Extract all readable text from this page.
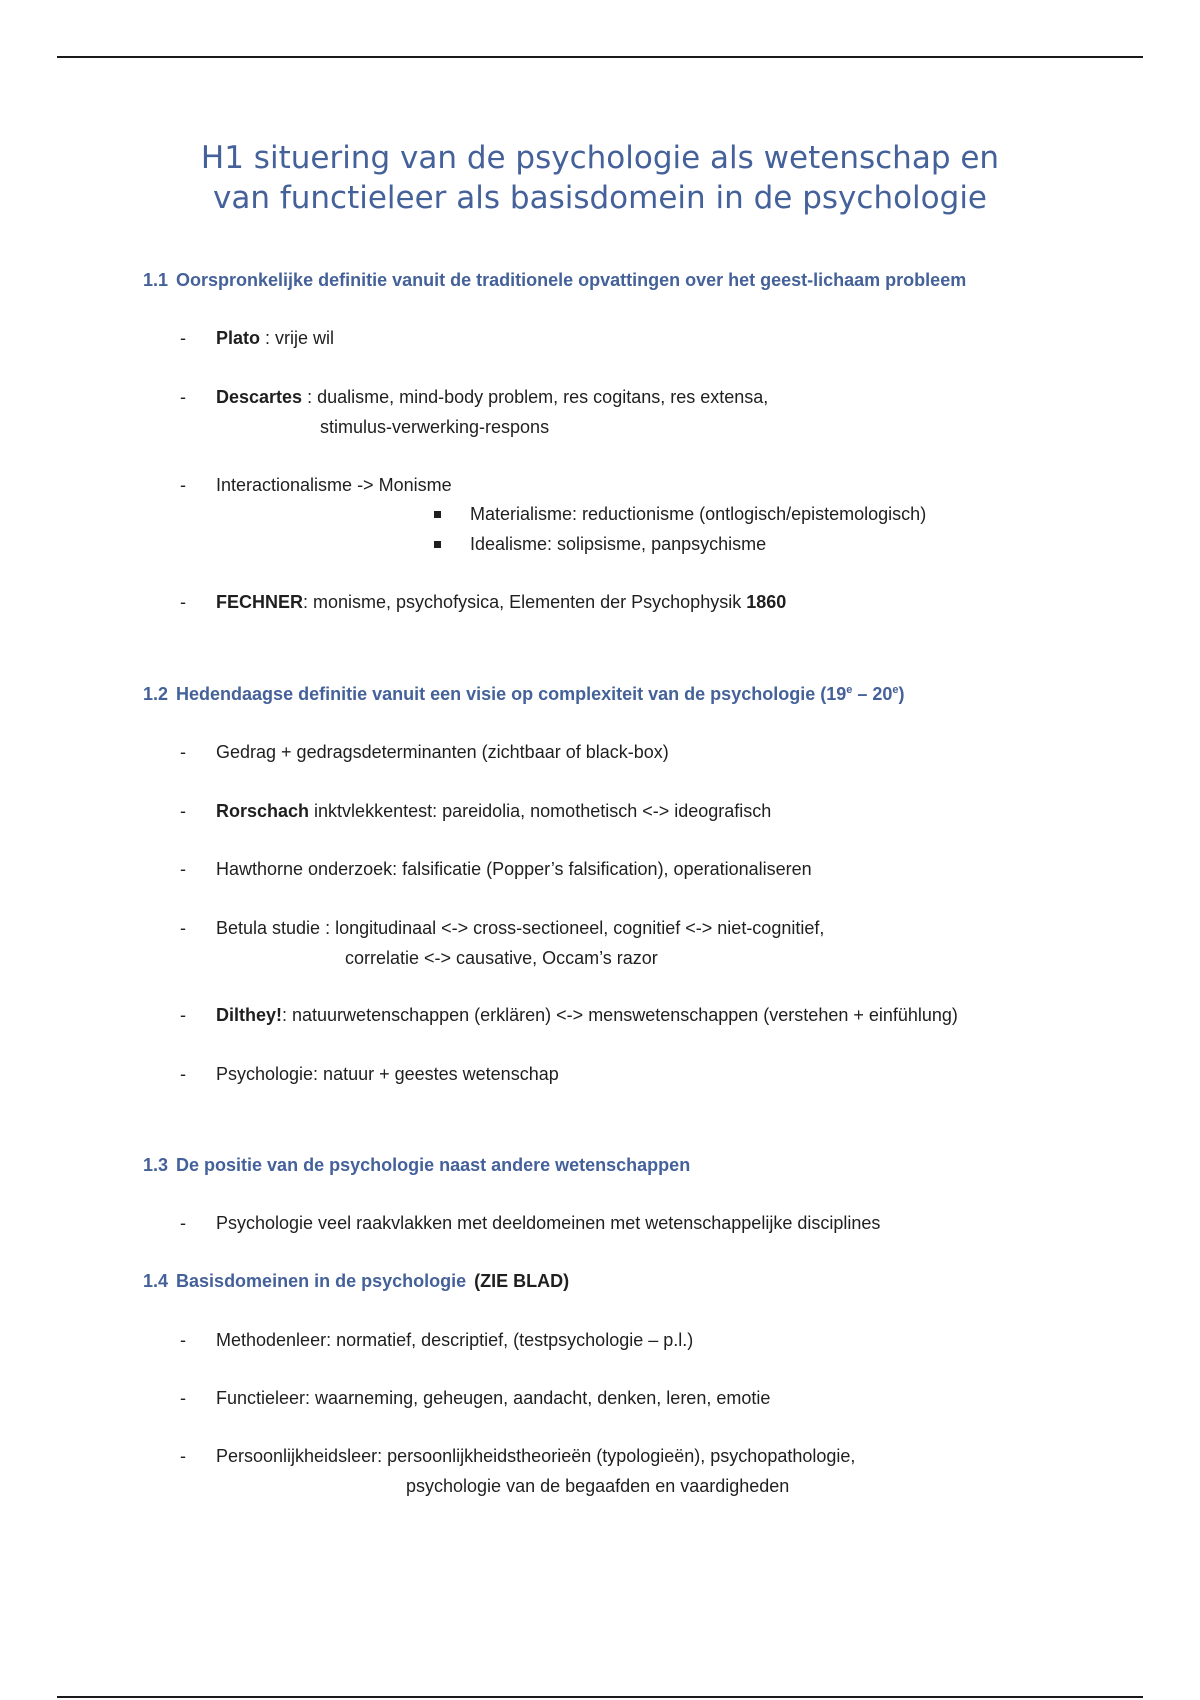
H1 situering van de psychologie als wetenschap en
van functieleer als basisdomein in de psychologie
1.1 Oorspronkelijke definitie vanuit de traditionele opvattingen over het geest-lichaam probleem
- Plato : vrije wil
- Descartes : dualisme, mind-body problem, res cogitans, res extensa,
stimulus-verwerking-respons
- Interactionalisme -> Monisme
Materialisme: reductionisme (ontlogisch/epistemologisch)
Idealisme: solipsisme, panpsychisme
- FECHNER: monisme, psychofysica, Elementen der Psychophysik 1860
1.2 Hedendaagse definitie vanuit een visie op complexiteit van de psychologie (19e – 20e)
- Gedrag + gedragsdeterminanten (zichtbaar of black-box)
- Rorschach inktvlekkentest: pareidolia, nomothetisch <-> ideografisch
- Hawthorne onderzoek: falsificatie (Popper’s falsification), operationaliseren
- Betula studie : longitudinaal <-> cross-sectioneel, cognitief <-> niet-cognitief,
correlatie <-> causative, Occam’s razor
- Dilthey!: natuurwetenschappen (erklären) <-> menswetenschappen (verstehen + einfühlung)
- Psychologie: natuur + geestes wetenschap
1.3 De positie van de psychologie naast andere wetenschappen
- Psychologie veel raakvlakken met deeldomeinen met wetenschappelijke disciplines
1.4 Basisdomeinen in de psychologie (ZIE BLAD)
- Methodenleer: normatief, descriptief, (testpsychologie – p.l.)
- Functieleer: waarneming, geheugen, aandacht, denken, leren, emotie
- Persoonlijkheidsleer: persoonlijkheidstheorieën (typologieën), psychopathologie,
psychologie van de begaafden en vaardigheden
